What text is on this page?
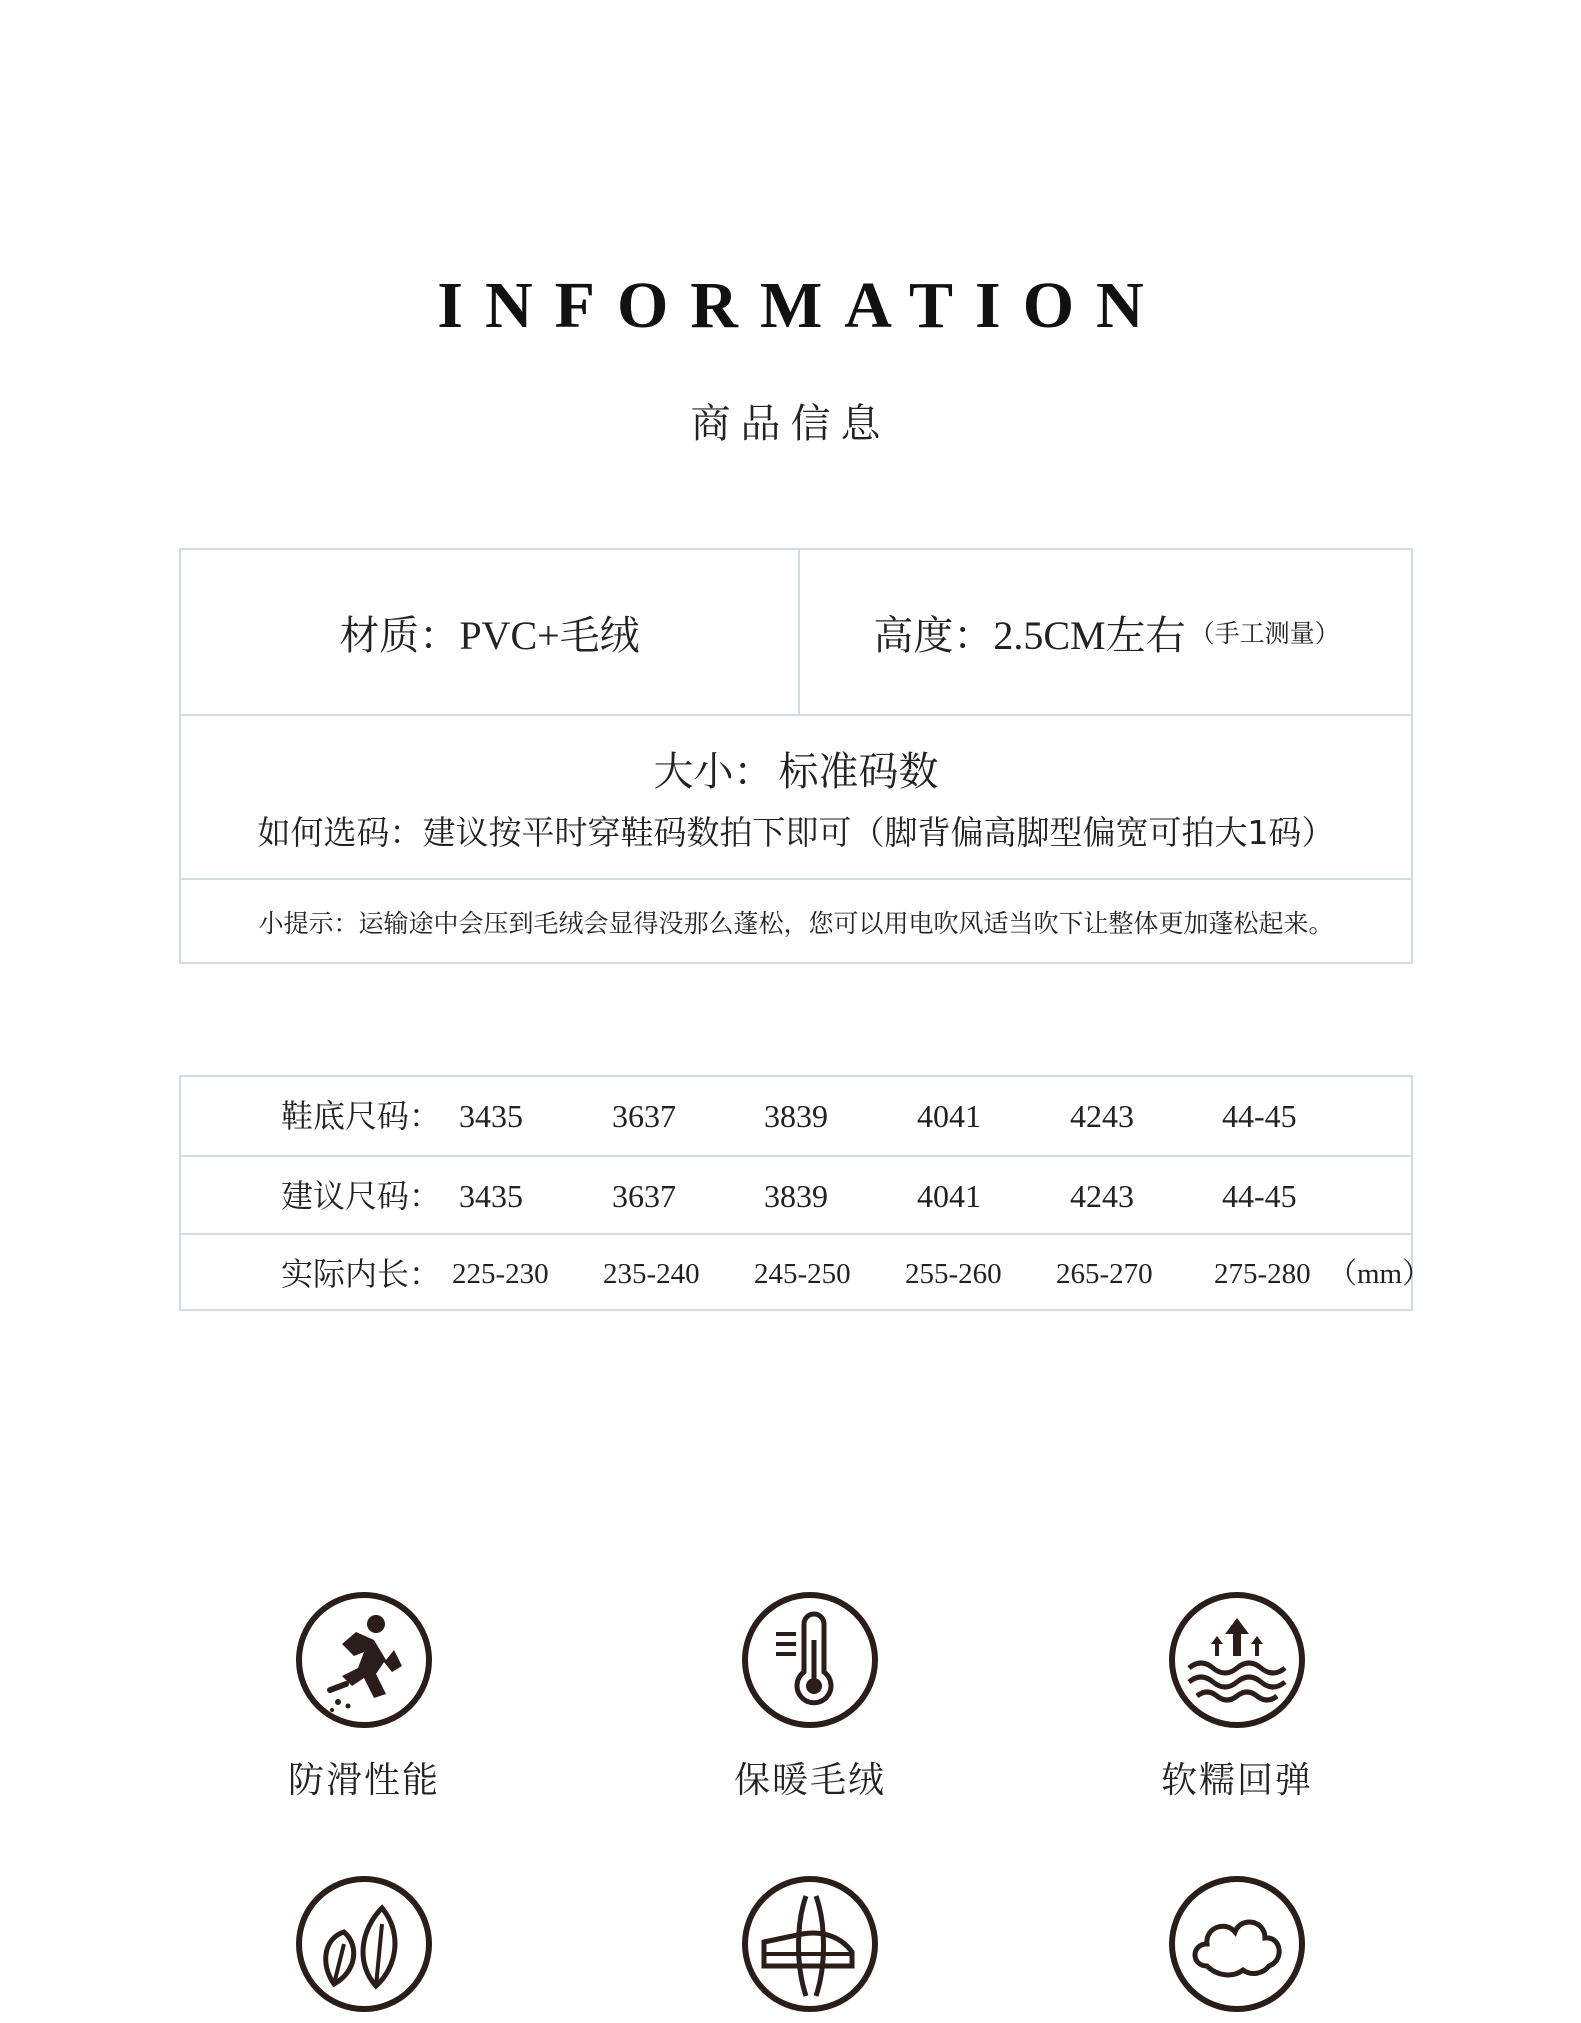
INFORMATION
商品信息
材质： PVC+毛绒	高度： 2.5CM左右 （手工测量）
大小： 标准码数
如何选码：建议按平时穿鞋码数拍下即可（脚背偏高脚型偏宽可拍大1码）
小提示：运输途中会压到毛绒会显得没那么蓬松，您可以用电吹风适当吹下让整体更加蓬松起来。
鞋底尺码： 3435	3637	3839	4041	4243	44-45
建议尺码： 3435	3637	3839	4041	4243	44-45
实际内长： 225-230 235-240 245-250 255-260 265-270 275-280 （mm）
防滑性能	保暖毛绒	软糯回弹
